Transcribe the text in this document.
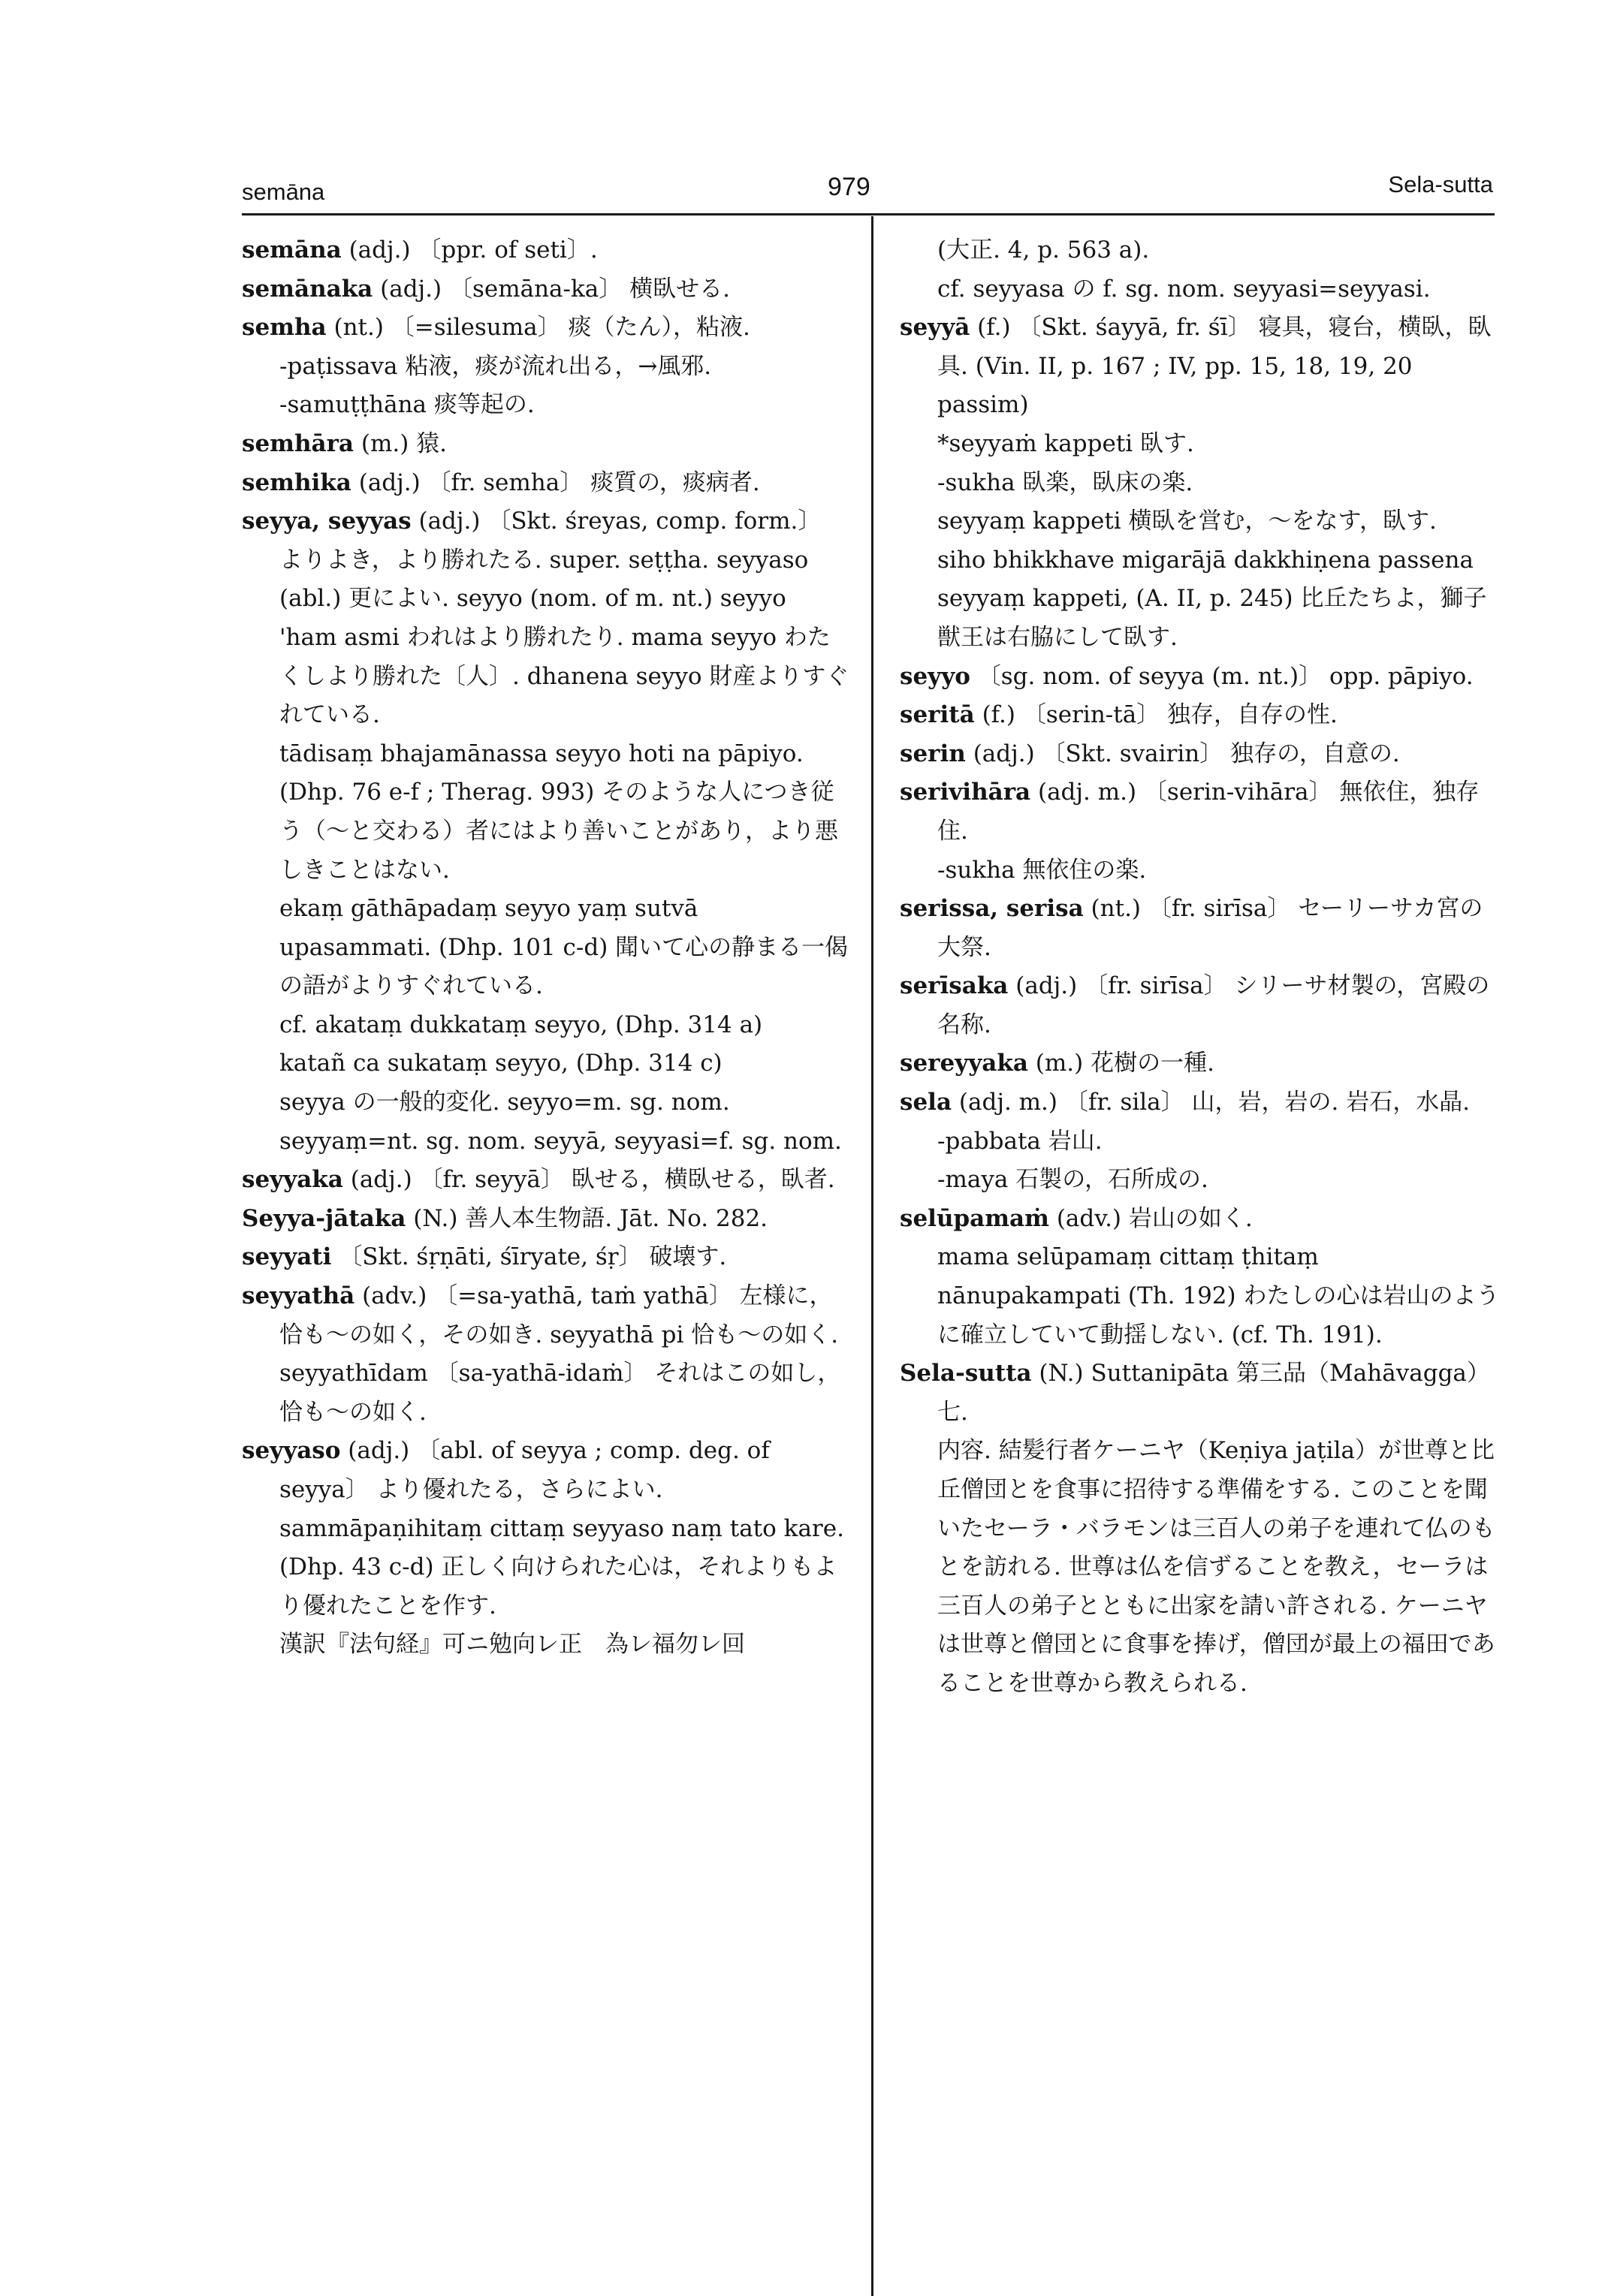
semāna	979	Sela-sutta

semāna (adj.) 〔ppr. of seti〕.

semānaka (adj.) 〔semāna-ka〕 横臥せる.

semha (nt.) 〔=silesuma〕 痰（たん），粘液.

-paṭissava 粘液，痰が流れ出る，→風邪.

-samuṭṭhāna 痰等起の.

semhāra (m.) 猿.

semhika (adj.) 〔fr. semha〕 痰質の，痰病者.

seyya, seyyas (adj.) 〔Skt. śreyas, comp. form.〕 よりよき，より勝れたる. super. seṭṭha. seyyaso (abl.) 更によい. seyyo (nom. of m. nt.) seyyo 'ham asmi われはより勝れたり. mama seyyo わたくしより勝れた〔人〕. dhanena seyyo 財産よりすぐれている.

tādisaṃ bhajamānassa seyyo hoti na pāpiyo. (Dhp. 76 e-f ; Therag. 993) そのような人につき従う（～と交わる）者にはより善いことがあり，より悪しきことはない.

ekaṃ gāthāpadaṃ seyyo yaṃ sutvā upasammati. (Dhp. 101 c-d) 聞いて心の静まる一偈の語がよりすぐれている.

cf. akataṃ dukkataṃ seyyo, (Dhp. 314 a)

katañ ca sukataṃ seyyo, (Dhp. 314 c)

seyya の一般的変化. seyyo=m. sg. nom. seyyaṃ=nt. sg. nom. seyyā, seyyasi=f. sg. nom.

seyyaka (adj.) 〔fr. seyyā〕 臥せる，横臥せる，臥者.

Seyya-jātaka (N.) 善人本生物語. Jāt. No. 282.

seyyati 〔Skt. śṛṇāti, śīryate, śṛ〕 破壊す.

seyyathā (adv.) 〔=sa-yathā, taṁ yathā〕 左様に，恰も～の如く，その如き. seyyathā pi 恰も～の如く. seyyathīdam 〔sa-yathā-idaṁ〕 それはこの如し，恰も～の如く.

seyyaso (adj.) 〔abl. of seyya ; comp. deg. of seyya〕 より優れたる，さらによい.

sammāpaṇihitaṃ cittaṃ seyyaso naṃ tato kare. (Dhp. 43 c-d) 正しく向けられた心は，それよりもより優れたことを作す.

漢訳『法句経』可ニ勉向レ正　為レ福勿レ回

(大正. 4, p. 563 a).

cf. seyyasa の f. sg. nom. seyyasi=seyyasi.

seyyā (f.) 〔Skt. śayyā, fr. śī〕 寝具，寝台，横臥，臥具. (Vin. II, p. 167 ; IV, pp. 15, 18, 19, 20 passim)

*seyyaṁ kappeti 臥す.

-sukha 臥楽，臥床の楽.

seyyaṃ kappeti 横臥を営む，～をなす，臥す.

siho bhikkhave migarājā dakkhiṇena passena seyyaṃ kappeti, (A. II, p. 245) 比丘たちよ，獅子獣王は右脇にして臥す.

seyyo 〔sg. nom. of seyya (m. nt.)〕 opp. pāpiyo.

seritā (f.) 〔serin-tā〕 独存，自存の性.

serin (adj.) 〔Skt. svairin〕 独存の，自意の.

serivihāra (adj. m.) 〔serin-vihāra〕 無依住，独存住.

-sukha 無依住の楽.

serissa, serisa (nt.) 〔fr. sirīsa〕 セーリーサカ宮の大祭.

serīsaka (adj.) 〔fr. sirīsa〕 シリーサ材製の，宮殿の名称.

sereyyaka (m.) 花樹の一種.

sela (adj. m.) 〔fr. sila〕 山，岩，岩の. 岩石，水晶.

-pabbata 岩山.

-maya 石製の，石所成の.

selūpamaṁ (adv.) 岩山の如く.

mama selūpamaṃ cittaṃ ṭhitaṃ nānupakampati (Th. 192) わたしの心は岩山のように確立していて動揺しない. (cf. Th. 191).

Sela-sutta (N.) Suttanipāta 第三品（Mahāvagga）七.

内容. 結髪行者ケーニヤ（Keṇiya jaṭila）が世尊と比丘僧団とを食事に招待する準備をする. このことを聞いたセーラ・バラモンは三百人の弟子を連れて仏のもとを訪れる. 世尊は仏を信ずることを教え，セーラは三百人の弟子とともに出家を請い許される. ケーニヤは世尊と僧団とに食事を捧げ，僧団が最上の福田であることを世尊から教えられる.
